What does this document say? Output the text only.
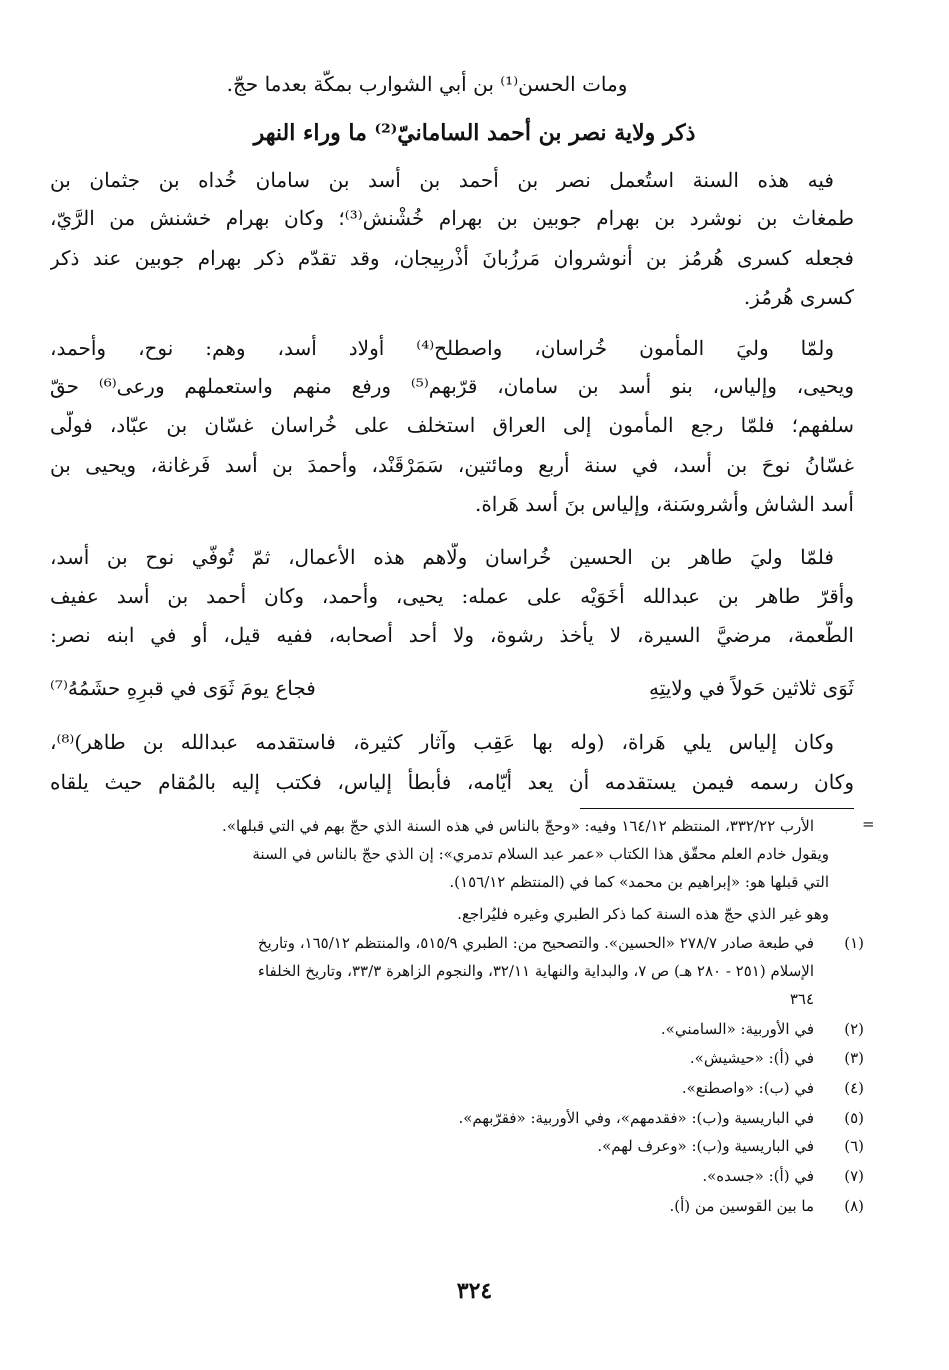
ومات الحسن⁽¹⁾ بن أبي الشوارب بمكّة بعدما حجّ.
ذكر ولاية نصر بن أحمد السامانيّ⁽²⁾ ما وراء النهر
فيه هذه السنة استُعمل نصر بن أحمد بن أسد بن سامان خُداه بن جثمان بن
طمغاث بن نوشرد بن بهرام جوبين بن بهرام خُشْنش⁽³⁾؛ وكان بهرام خشنش من الرَّيّ،
فجعله كسرى هُرمُز بن أنوشروان مَرزُبانَ أَذْربِيجان، وقد تقدّم ذكر بهرام جوبين عند ذكر
كسرى هُرمُز.
ولمّا وليَ المأمون خُراسان، واصطلح⁽⁴⁾ أولاد أسد، وهم: نوح، وأحمد،
ويحيى، وإلياس، بنو أسد بن سامان، قرّبهم⁽⁵⁾ ورفع منهم واستعملهم ورعى⁽⁶⁾ حقّ
سلفهم؛ فلمّا رجع المأمون إلى العراق استخلف على خُراسان غسّان بن عبّاد، فولّى
غسّانُ نوحَ بن أسد، في سنة أربع ومائتين، سَمَرْقَنْد، وأحمدَ بن أسد فَرغانة، ويحيى بن
أسد الشاش وأُشروسَنة، وإلياس بنَ أسد هَراة.
فلمّا وليَ طاهر بن الحسين خُراسان ولّاهم هذه الأعمال، ثمّ تُوفّي نوح بن أسد،
وأقرّ طاهر بن عبدالله أخَوَيْه على عمله: يحيى، وأحمد، وكان أحمد بن أسد عفيف
الطُّعمة، مرضيَّ السيرة، لا يأخذ رشوة، ولا أحد أصحابه، ففيه قيل، أو في ابنه نصر:
ثَوَى ثلاثين حَولاً في ولايتِهِ
فجاع يومَ ثَوَى في قبرِهِ حشَمُهُ⁽⁷⁾
وكان إلياس يلي هَراة، (وله بها عَقِب وآثار كثيرة، فاستقدمه عبدالله بن طاهر)⁽⁸⁾،
وكان رسمه فيمن يستقدمه أن يعد أيّامه، فأبطأ إلياس، فكتب إليه بالمُقام حيث يلقاه
=
الأرب ٣٣٢/٢٢، المنتظم ١٦٤/١٢ وفيه: «وحجّ بالناس في هذه السنة الذي حجّ بهم في التي قبلها».
ويقول خادم العلم محقّق هذا الكتاب «عمر عبد السلام تدمري»: إن الذي حجّ بالناس في السنة
التي قبلها هو: «إبراهيم بن محمد» كما في (المنتظم ١٥٦/١٢).
وهو غير الذي حجّ هذه السنة كما ذكر الطبري وغيره فليُراجع.
(١)
في طبعة صادر ٢٧٨/٧ «الحسين». والتصحيح من: الطبري ٥١٥/٩، والمنتظم ١٦٥/١٢، وتاريخ
الإسلام (٢٥١ - ٢٨٠ هـ) ص ٧، والبداية والنهاية ٣٢/١١، والنجوم الزاهرة ٣٣/٣، وتاريخ الخلفاء
٣٦٤
(٢)
في الأوربية: «السامني».
(٣)
في (أ): «حيشيش».
(٤)
في (ب): «واصطنع».
(٥)
في الباريسية و(ب): «فقدمهم»، وفي الأوربية: «فقرّبهم».
(٦)
في الباريسية و(ب): «وعرف لهم».
(٧)
في (أ): «جسده».
(٨)
ما بين القوسين من (أ).
٣٢٤
